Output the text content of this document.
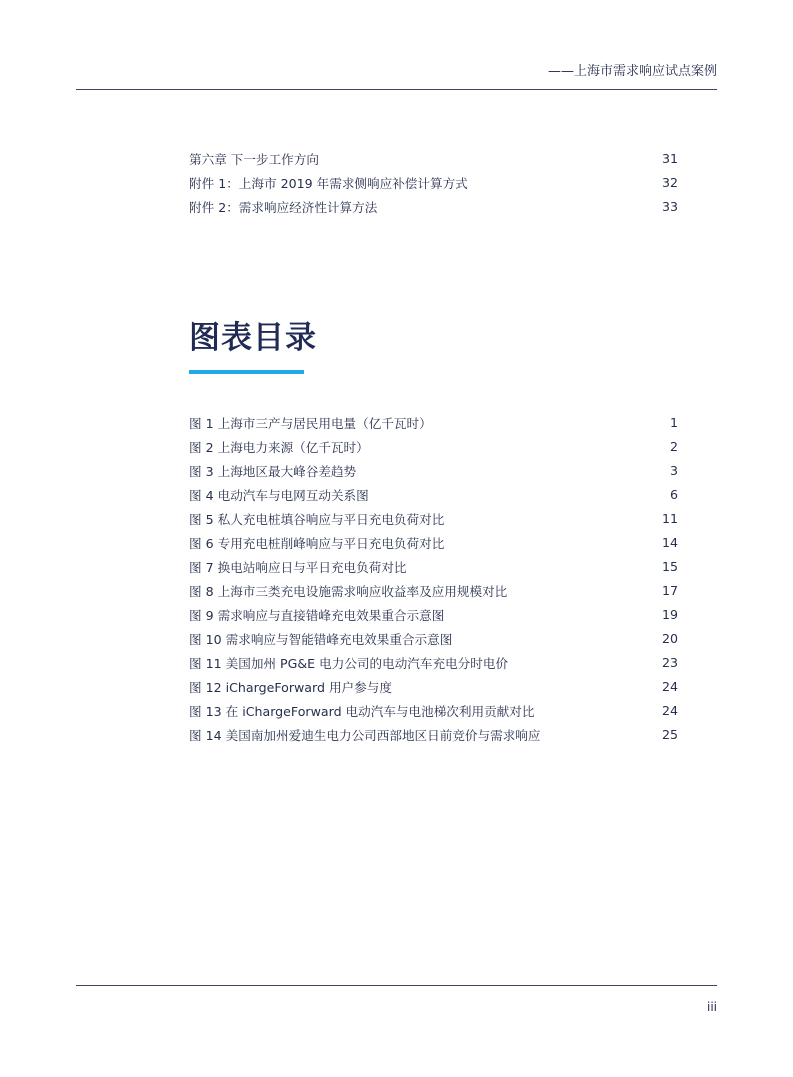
——上海市需求响应试点案例
第六章 下一步工作方向	31
附件 1：上海市 2019 年需求侧响应补偿计算方式	32
附件 2：需求响应经济性计算方法	33
图表目录
图 1 上海市三产与居民用电量（亿千瓦时）	1
图 2 上海电力来源（亿千瓦时）	2
图 3 上海地区最大峰谷差趋势	3
图 4 电动汽车与电网互动关系图	6
图 5 私人充电桩填谷响应与平日充电负荷对比	11
图 6 专用充电桩削峰响应与平日充电负荷对比	14
图 7 换电站响应日与平日充电负荷对比	15
图 8 上海市三类充电设施需求响应收益率及应用规模对比	17
图 9 需求响应与直接错峰充电效果重合示意图	19
图 10 需求响应与智能错峰充电效果重合示意图	20
图 11 美国加州 PG&E 电力公司的电动汽车充电分时电价	23
图 12 iChargeForward 用户参与度	24
图 13 在 iChargeForward 电动汽车与电池梯次利用贡献对比	24
图 14 美国南加州爱迪生电力公司西部地区日前竞价与需求响应	25
iii
